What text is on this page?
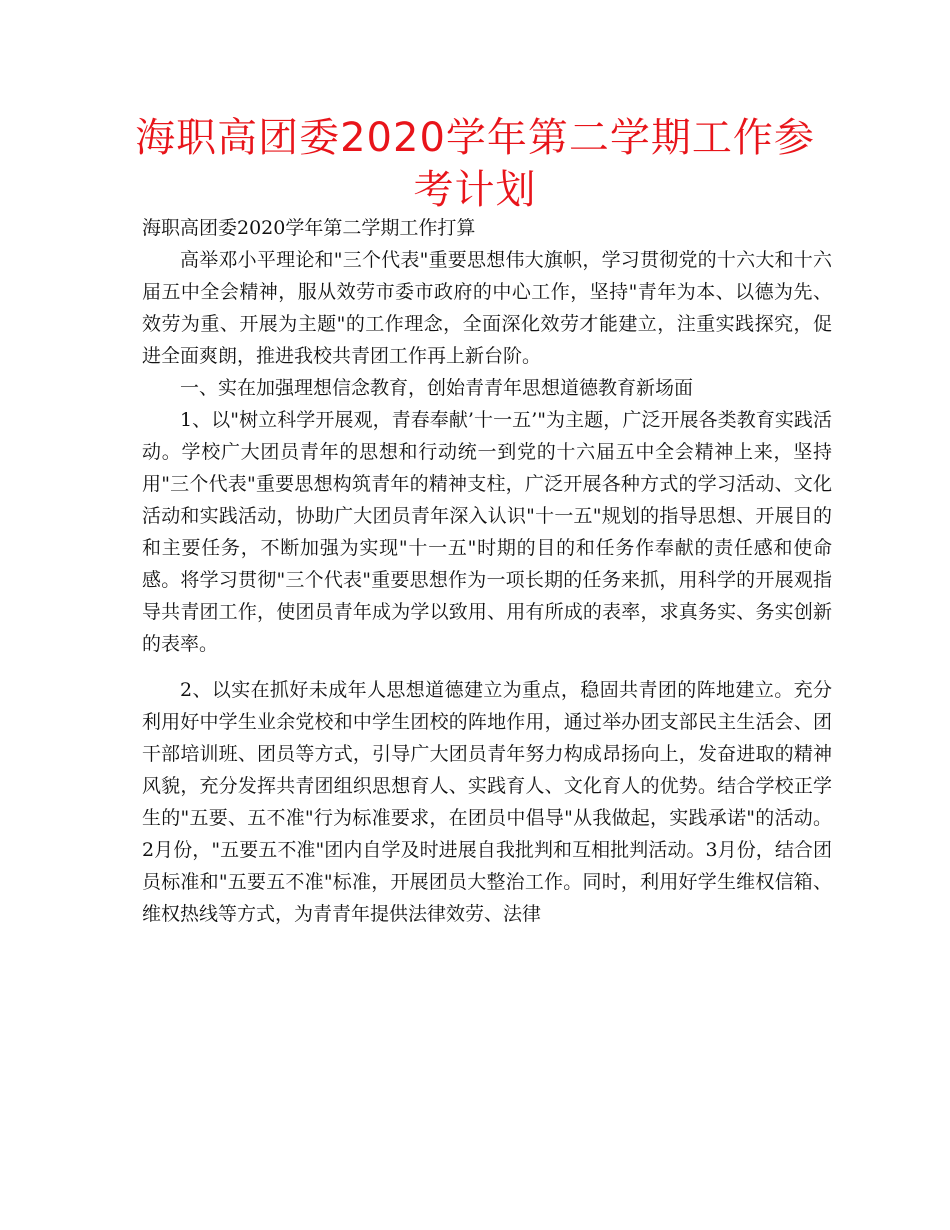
海职高团委2020学年第二学期工作参考计划

海职高团委2020学年第二学期工作打算

高举邓小平理论和"三个代表"重要思想伟大旗帜，学习贯彻党的十六大和十六届五中全会精神，服从效劳市委市政府的中心工作，坚持"青年为本、以德为先、效劳为重、开展为主题"的工作理念，全面深化效劳才能建立，注重实践探究，促进全面爽朗，推进我校共青团工作再上新台阶。

一、实在加强理想信念教育，创始青青年思想道德教育新场面

1、以"树立科学开展观，青春奉献’十一五’"为主题，广泛开展各类教育实践活动。学校广大团员青年的思想和行动统一到党的十六届五中全会精神上来，坚持用"三个代表"重要思想构筑青年的精神支柱，广泛开展各种方式的学习活动、文化活动和实践活动，协助广大团员青年深入认识"十一五"规划的指导思想、开展目的和主要任务，不断加强为实现"十一五"时期的目的和任务作奉献的责任感和使命感。将学习贯彻"三个代表"重要思想作为一项长期的任务来抓，用科学的开展观指导共青团工作，使团员青年成为学以致用、用有所成的表率，求真务实、务实创新的表率。

2、以实在抓好未成年人思想道德建立为重点，稳固共青团的阵地建立。充分利用好中学生业余党校和中学生团校的阵地作用，通过举办团支部民主生活会、团干部培训班、团员等方式，引导广大团员青年努力构成昂扬向上，发奋进取的精神风貌，充分发挥共青团组织思想育人、实践育人、文化育人的优势。结合学校正学生的"五要、五不准"行为标准要求，在团员中倡导"从我做起，实践承诺"的活动。2月份，"五要五不准"团内自学及时进展自我批判和互相批判活动。3月份，结合团员标准和"五要五不准"标准，开展团员大整治工作。同时，利用好学生维权信箱、维权热线等方式，为青青年提供法律效劳、法律
